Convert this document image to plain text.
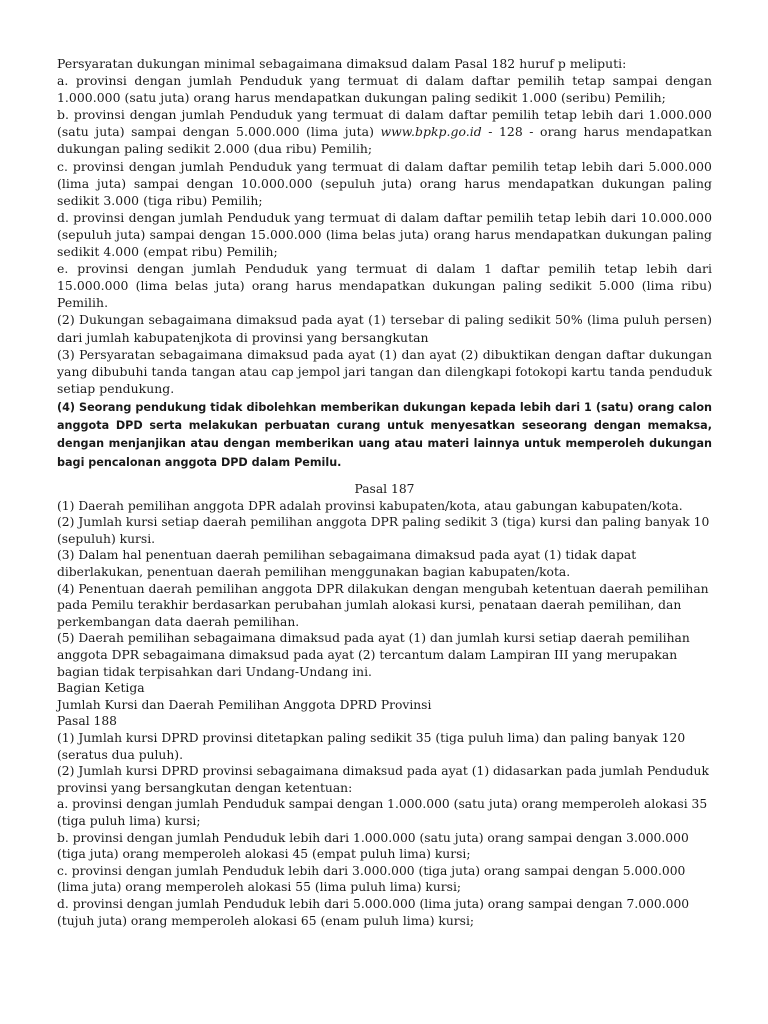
Persyaratan dukungan minimal sebagaimana dimaksud dalam Pasal 182 huruf p meliputi:

a. provinsi dengan jumlah Penduduk yang termuat di dalam daftar pemilih tetap sampai dengan 1.000.000 (satu juta) orang harus mendapatkan dukungan paling sedikit 1.000 (seribu) Pemilih;

b. provinsi dengan jumlah Penduduk yang termuat di dalam daftar pemilih tetap lebih dari 1.000.000 (satu juta) sampai dengan 5.000.000 (lima juta) www.bpkp.go.id - 128 - orang harus mendapatkan dukungan paling sedikit 2.000 (dua ribu) Pemilih;

c. provinsi dengan jumlah Penduduk yang termuat di dalam daftar pemilih tetap lebih dari 5.000.000 (lima juta) sampai dengan 10.000.000 (sepuluh juta) orang harus mendapatkan dukungan paling sedikit 3.000 (tiga ribu) Pemilih;

d. provinsi dengan jumlah Penduduk yang termuat di dalam daftar pemilih tetap lebih dari 10.000.000 (sepuluh juta) sampai dengan 15.000.000 (lima belas juta) orang harus mendapatkan dukungan paling sedikit 4.000 (empat ribu) Pemilih;

e. provinsi dengan jumlah Penduduk yang termuat di dalam 1 daftar pemilih tetap lebih dari 15.000.000 (lima belas juta) orang harus mendapatkan dukungan paling sedikit 5.000 (lima ribu) Pemilih.

(2) Dukungan sebagaimana dimaksud pada ayat (1) tersebar di paling sedikit 50% (lima puluh persen) dari jumlah kabupatenjkota di provinsi yang bersangkutan

(3) Persyaratan sebagaimana dimaksud pada ayat (1) dan ayat (2) dibuktikan dengan daftar dukungan yang dibubuhi tanda tangan atau cap jempol jari tangan dan dilengkapi fotokopi kartu tanda penduduk setiap pendukung.

(4) Seorang pendukung tidak dibolehkan memberikan dukungan kepada lebih dari 1 (satu) orang calon anggota DPD serta melakukan perbuatan curang untuk menyesatkan seseorang dengan memaksa, dengan menjanjikan atau dengan memberikan uang atau materi lainnya untuk memperoleh dukungan bagi pencalonan anggota DPD dalam Pemilu.

Pasal 187

(1) Daerah pemilihan anggota DPR adalah provinsi kabupaten/kota, atau gabungan kabupaten/kota.

(2) Jumlah kursi setiap daerah pemilihan anggota DPR paling sedikit 3 (tiga) kursi dan paling banyak 10 (sepuluh) kursi.

(3) Dalam hal penentuan daerah pemilihan sebagaimana dimaksud pada ayat (1) tidak dapat diberlakukan, penentuan daerah pemilihan menggunakan bagian kabupaten/kota.

(4) Penentuan daerah pemilihan anggota DPR dilakukan dengan mengubah ketentuan daerah pemilihan pada Pemilu terakhir berdasarkan perubahan jumlah alokasi kursi, penataan daerah pemilihan, dan perkembangan data daerah pemilihan.

(5) Daerah pemilihan sebagaimana dimaksud pada ayat (1) dan jumlah kursi setiap daerah pemilihan anggota DPR sebagaimana dimaksud pada ayat (2) tercantum dalam Lampiran III yang merupakan bagian tidak terpisahkan dari Undang-Undang ini.

Bagian Ketiga

Jumlah Kursi dan Daerah Pemilihan Anggota DPRD Provinsi

Pasal 188

(1) Jumlah kursi DPRD provinsi ditetapkan paling sedikit 35 (tiga puluh lima) dan paling banyak 120 (seratus dua puluh).

(2) Jumlah kursi DPRD provinsi sebagaimana dimaksud pada ayat (1) didasarkan pada jumlah Penduduk provinsi yang bersangkutan dengan ketentuan:

a. provinsi dengan jumlah Penduduk sampai dengan 1.000.000 (satu juta) orang memperoleh alokasi 35 (tiga puluh lima) kursi;

b. provinsi dengan jumlah Penduduk lebih dari 1.000.000 (satu juta) orang sampai dengan 3.000.000 (tiga juta) orang memperoleh alokasi 45 (empat puluh lima) kursi;

c. provinsi dengan jumlah Penduduk lebih dari 3.000.000 (tiga juta) orang sampai dengan 5.000.000 (lima juta) orang memperoleh alokasi 55 (lima puluh lima) kursi;

d. provinsi dengan jumlah Penduduk lebih dari 5.000.000 (lima juta) orang sampai dengan 7.000.000 (tujuh juta) orang memperoleh alokasi 65 (enam puluh lima) kursi;
